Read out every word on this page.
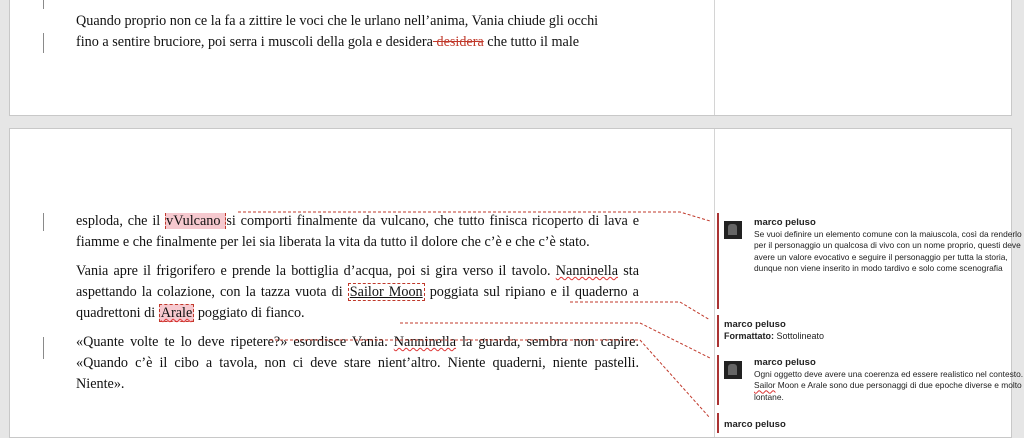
Quando proprio non ce la fa a zittire le voci che le urlano nell’anima, Vania chiude gli occhi
fino a sentire bruciore, poi serra i muscoli della gola e desidera desidera che tutto il male

esploda, che il vVulcano si comporti finalmente da vulcano, che tutto finisca ricoperto di lava e fiamme e che finalmente per lei sia liberata la vita da tutto il dolore che c’è e che c’è stato.

Vania apre il frigorifero e prende la bottiglia d’acqua, poi si gira verso il tavolo. Nanninella sta aspettando la colazione, con la tazza vuota di Sailor Moon poggiata sul ripiano e il quaderno a quadrettoni di Arale poggiato di fianco.

«Quante volte te lo deve ripetere?» esordisce Vania. Nanninella la guarda, sembra non capire. «Quando c’è il cibo a tavola, non ci deve stare nient’altro. Niente quaderni, niente pastelli. Niente».

marco peluso
Se vuoi definire un elemento comune con la maiuscola, così da renderlo per il personaggio un qualcosa di vivo con un nome proprio, questi deve avere un valore evocativo e seguire il personaggio per tutta la storia, dunque non viene inserito in modo tardivo e solo come scenografia
marco peluso
Formattato: Sottolineato
marco peluso
Ogni oggetto deve avere una coerenza ed essere realistico nel contesto. Sailor Moon e Arale sono due personaggi di due epoche diverse e molto lontane.
marco peluso
